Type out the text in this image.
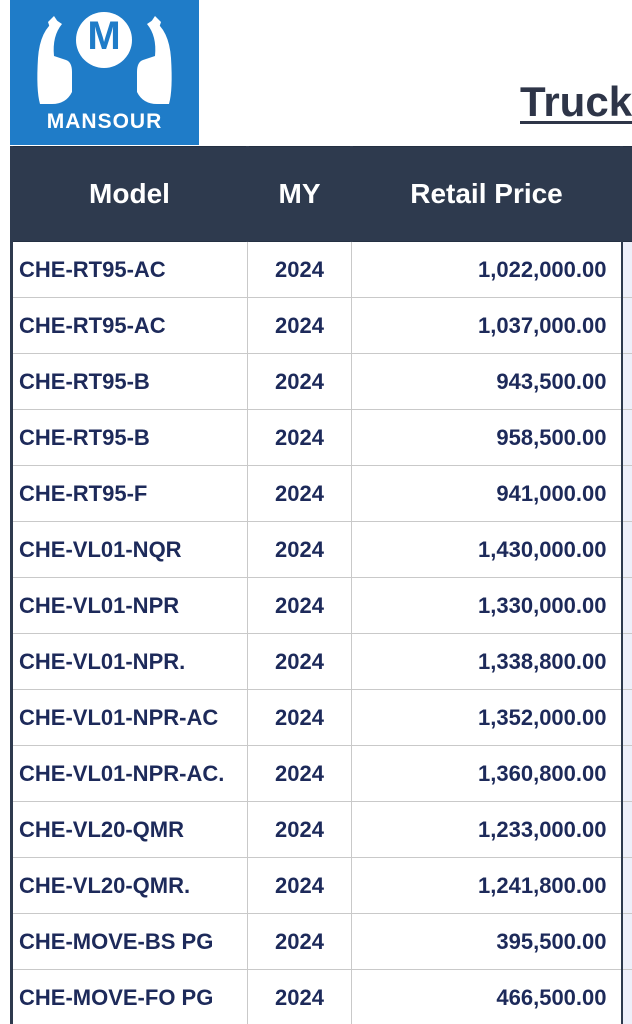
M
MANSOUR	Truck
Model	MY	Retail Price	
CHE-RT95-AC	2024	1,022,000.00	
CHE-RT95-AC	2024	1,037,000.00	
CHE-RT95-B	2024	943,500.00	
CHE-RT95-B	2024	958,500.00	
CHE-RT95-F	2024	941,000.00	
CHE-VL01-NQR	2024	1,430,000.00	
CHE-VL01-NPR	2024	1,330,000.00	
CHE-VL01-NPR.	2024	1,338,800.00	
CHE-VL01-NPR-AC	2024	1,352,000.00	
CHE-VL01-NPR-AC.	2024	1,360,800.00	
CHE-VL20-QMR	2024	1,233,000.00	
CHE-VL20-QMR.	2024	1,241,800.00	
CHE-MOVE-BS PG	2024	395,500.00	
CHE-MOVE-FO PG	2024	466,500.00	
